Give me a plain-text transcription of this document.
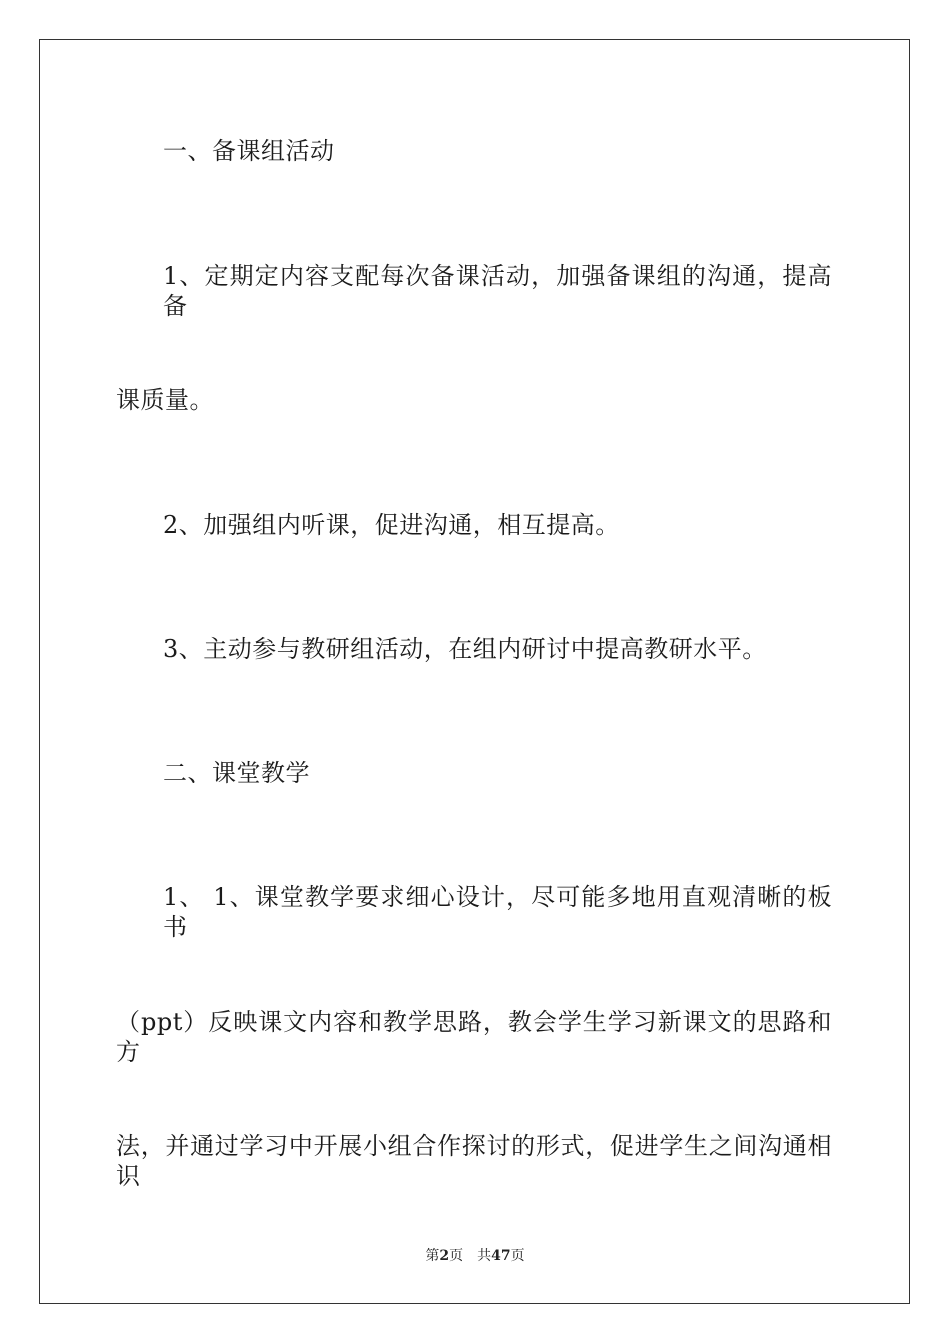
一、备课组活动
1、定期定内容支配每次备课活动，加强备课组的沟通，提高备
课质量。
2、加强组内听课，促进沟通，相互提高。
3、主动参与教研组活动，在组内研讨中提高教研水平。
二、课堂教学
1、 1、课堂教学要求细心设计，尽可能多地用直观清晰的板书
（ppt）反映课文内容和教学思路，教会学生学习新课文的思路和方
法，并通过学习中开展小组合作探讨的形式，促进学生之间沟通相识
第2页 共47页
